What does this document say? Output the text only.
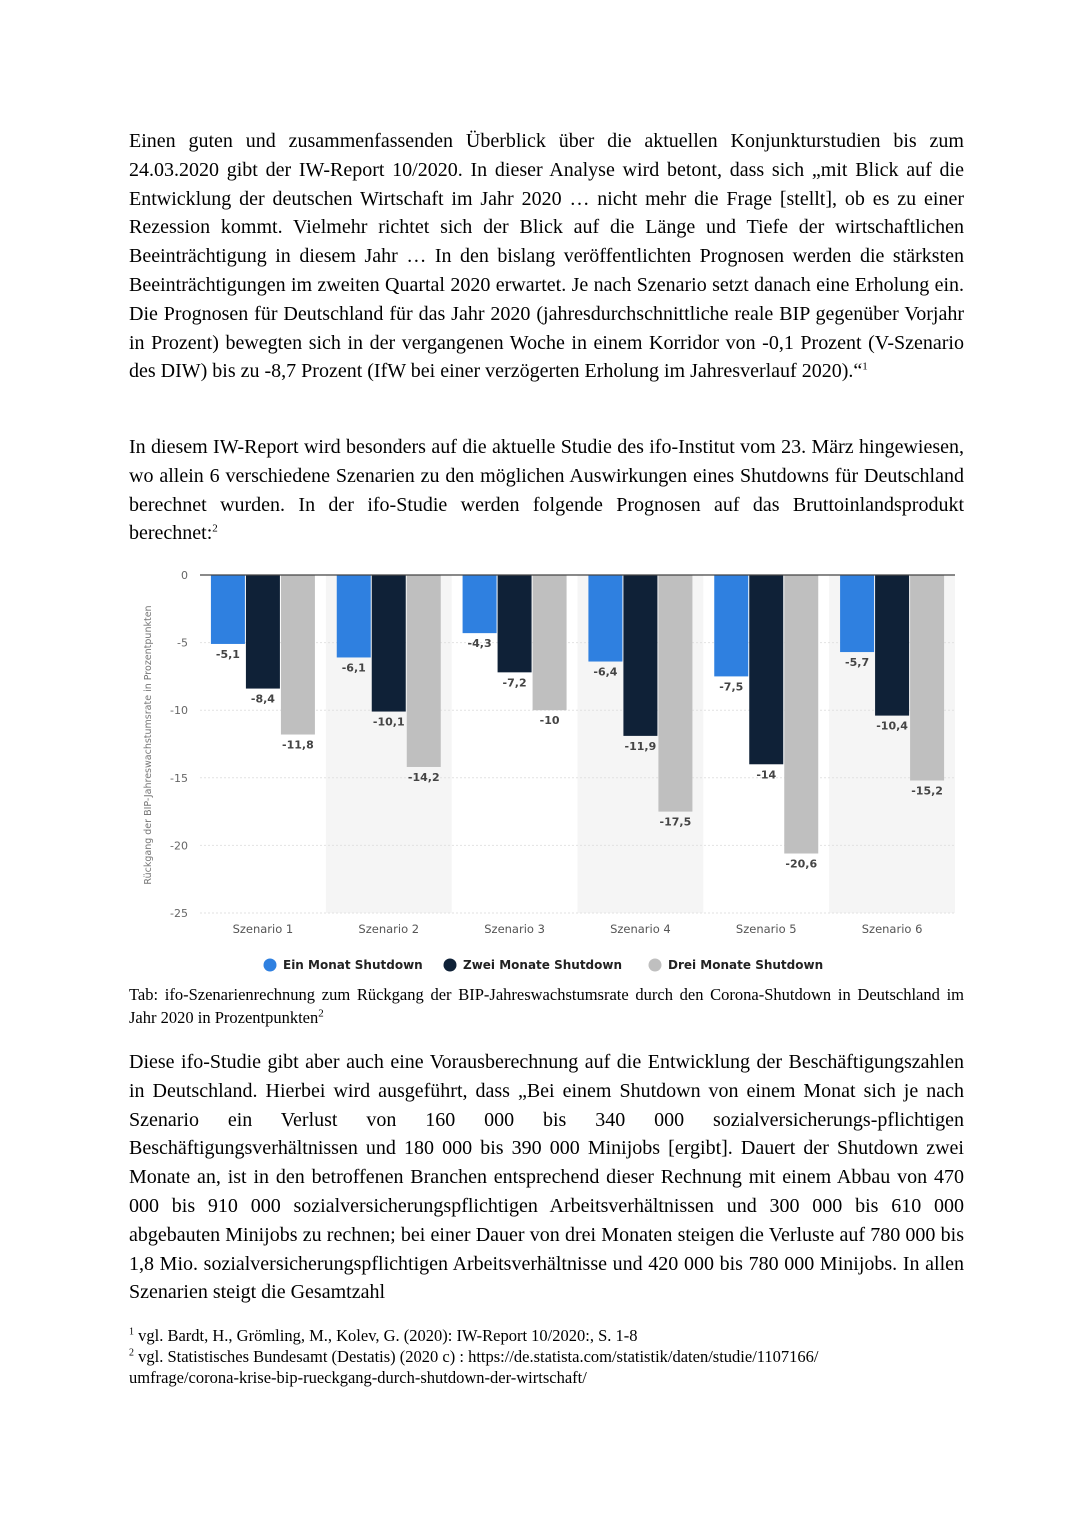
Einen guten und zusammenfassenden Überblick über die aktuellen Konjunkturstudien bis zum 24.03.2020 gibt der IW-Report 10/2020. In dieser Analyse wird betont, dass sich „mit Blick auf die Entwicklung der deutschen Wirtschaft im Jahr 2020 … nicht mehr die Frage [stellt], ob es zu einer Rezession kommt. Vielmehr richtet sich der Blick auf die Länge und Tiefe der wirtschaftlichen Beeinträchtigung in diesem Jahr … In den bislang veröffentlichten Prognosen werden die stärksten Beeinträchtigungen im zweiten Quartal 2020 erwartet. Je nach Szenario setzt danach eine Erholung ein. Die Prognosen für Deutschland für das Jahr 2020 (jahresdurchschnittliche reale BIP gegenüber Vorjahr in Prozent) bewegten sich in der vergangenen Woche in einem Korridor von -0,1 Prozent (V-Szenario des DIW) bis zu -8,7 Prozent (IfW bei einer verzögerten Erholung im Jahresverlauf 2020).“$^1$

In diesem IW-Report wird besonders auf die aktuelle Studie des ifo-Institut vom 23. März hingewiesen, wo allein 6 verschiedene Szenarien zu den möglichen Auswirkungen eines Shutdowns für Deutschland berechnet wurden. In der ifo-Studie werden folgende Prognosen auf das Bruttoinlandsprodukt berechnet:$^2$

Rückgang der BIP-Jahreswachstumsrate in Prozentpunkten
0
-5
-10
-15
-20
-25
-5,1
-8,4
-11,8
Szenario 1
-6,1
-10,1
-14,2
Szenario 2
-4,3
-7,2
-10
Szenario 3
-6,4
-11,9
-17,5
Szenario 4
-7,5
-14
-20,6
Szenario 5
-5,7
-10,4
-15,2
Szenario 6
Ein Monat Shutdown	Zwei Monate Shutdown	Drei Monate Shutdown

Tab: ifo-Szenarienrechnung zum Rückgang der BIP-Jahreswachstumsrate durch den Corona-Shutdown in Deutschland im Jahr 2020 in Prozentpunkten$^2$

Diese ifo-Studie gibt aber auch eine Vorausberechnung auf die Entwicklung der Beschäftigungszahlen in Deutschland. Hierbei wird ausgeführt, dass „Bei einem Shutdown von einem Monat sich je nach Szenario ein Verlust von 160 000 bis 340 000 sozialversicherungs-pflichtigen Beschäftigungsverhältnissen und 180 000 bis 390 000 Minijobs [ergibt]. Dauert der Shutdown zwei Monate an, ist in den betroffenen Branchen entsprechend dieser Rechnung mit einem Abbau von 470 000 bis 910 000 sozialversicherungspflichtigen Arbeitsverhältnissen und 300 000 bis 610 000 abgebauten Minijobs zu rechnen; bei einer Dauer von drei Monaten steigen die Verluste auf 780 000 bis 1,8 Mio. sozialversicherungspflichtigen Arbeitsverhältnisse und 420 000 bis 780 000 Minijobs. In allen Szenarien steigt die Gesamtzahl

$^1$ vgl. Bardt, H., Grömling, M., Kolev, G. (2020): IW-Report 10/2020:, S. 1-8

$^2$ vgl. Statistisches Bundesamt (Destatis) (2020 c) : https://de.statista.com/statistik/daten/studie/1107166/

umfrage/corona-krise-bip-rueckgang-durch-shutdown-der-wirtschaft/
